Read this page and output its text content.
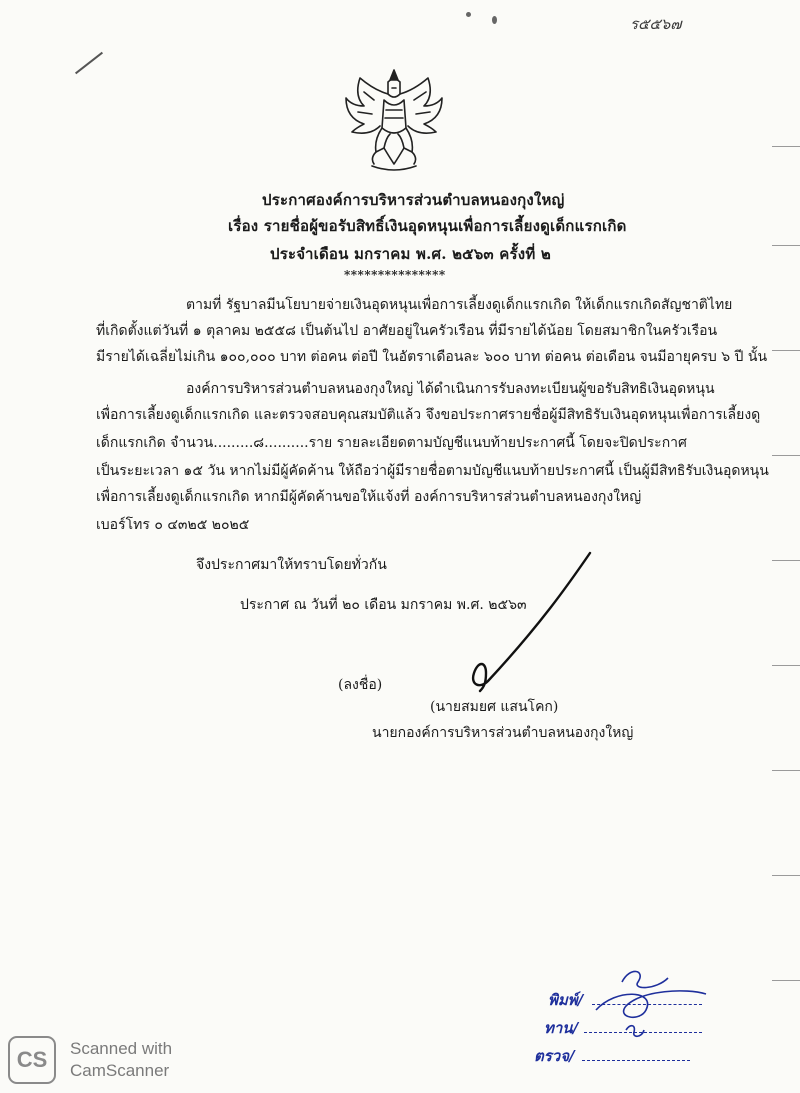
ร๕๕๖๗
ประกาศองค์การบริหารส่วนตำบลหนองกุงใหญ่
เรื่อง รายชื่อผู้ขอรับสิทธิ์เงินอุดหนุนเพื่อการเลี้ยงดูเด็กแรกเกิด
ประจำเดือน มกราคม พ.ศ. ๒๕๖๓ ครั้งที่ ๒
***************
ตามที่ รัฐบาลมีนโยบายจ่ายเงินอุดหนุนเพื่อการเลี้ยงดูเด็กแรกเกิด ให้เด็กแรกเกิดสัญชาติไทย
ที่เกิดตั้งแต่วันที่ ๑ ตุลาคม ๒๕๕๘ เป็นต้นไป อาศัยอยู่ในครัวเรือน ที่มีรายได้น้อย โดยสมาชิกในครัวเรือน
มีรายได้เฉลี่ยไม่เกิน ๑๐๐,๐๐๐ บาท ต่อคน ต่อปี ในอัตราเดือนละ ๖๐๐ บาท ต่อคน ต่อเดือน จนมีอายุครบ ๖ ปี นั้น
องค์การบริหารส่วนตำบลหนองกุงใหญ่ ได้ดำเนินการรับลงทะเบียนผู้ขอรับสิทธิเงินอุดหนุน
เพื่อการเลี้ยงดูเด็กแรกเกิด และตรวจสอบคุณสมบัติแล้ว จึงขอประกาศรายชื่อผู้มีสิทธิรับเงินอุดหนุนเพื่อการเลี้ยงดู
เด็กแรกเกิด จำนวน.........๘..........ราย รายละเอียดตามบัญชีแนบท้ายประกาศนี้ โดยจะปิดประกาศ
เป็นระยะเวลา ๑๕ วัน หากไม่มีผู้คัดค้าน ให้ถือว่าผู้มีรายชื่อตามบัญชีแนบท้ายประกาศนี้ เป็นผู้มีสิทธิรับเงินอุดหนุน
เพื่อการเลี้ยงดูเด็กแรกเกิด หากมีผู้คัดค้านขอให้แจ้งที่ องค์การบริหารส่วนตำบลหนองกุงใหญ่
เบอร์โทร ๐ ๔๓๒๕ ๒๐๒๕
จึงประกาศมาให้ทราบโดยทั่วกัน
ประกาศ ณ วันที่ ๒๐ เดือน มกราคม พ.ศ. ๒๕๖๓
(ลงชื่อ)
(นายสมยศ แสนโคก)
นายกองค์การบริหารส่วนตำบลหนองกุงใหญ่
พิมพ์/
ทาน/
ตรวจ/
CS Scanned with
CamScanner
